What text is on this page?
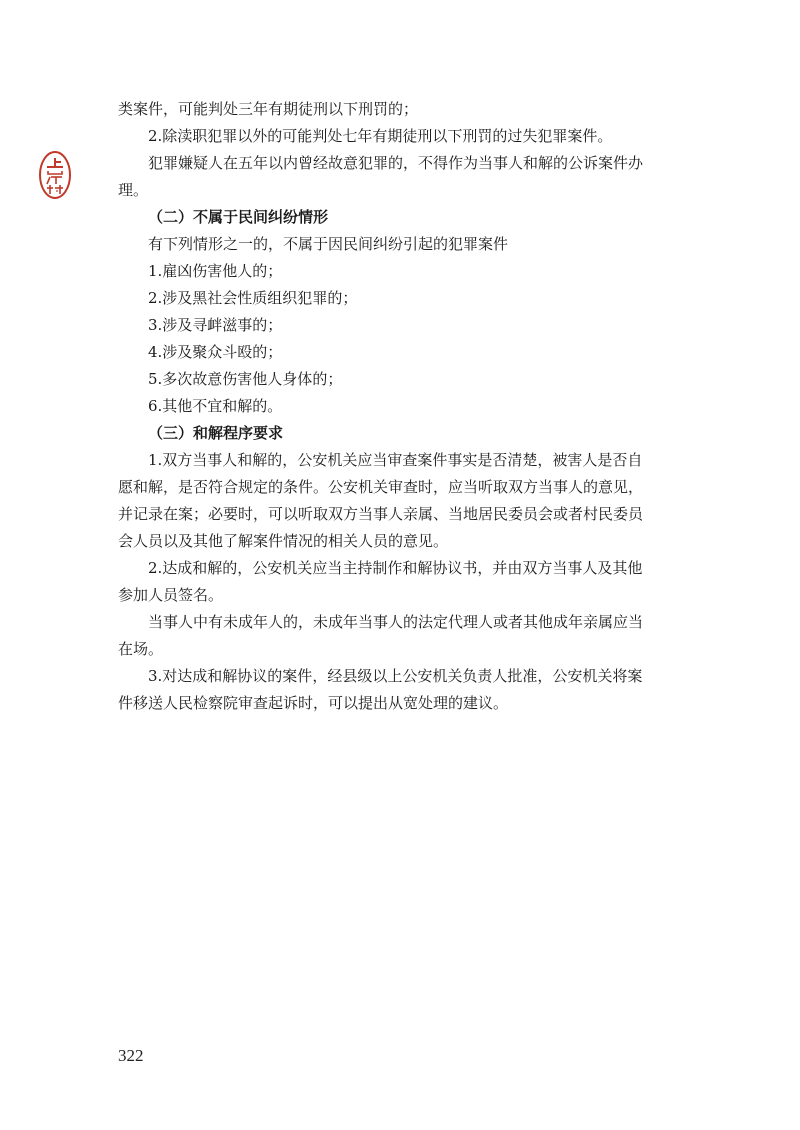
类案件，可能判处三年有期徒刑以下刑罚的；
2.除渎职犯罪以外的可能判处七年有期徒刑以下刑罚的过失犯罪案件。
犯罪嫌疑人在五年以内曾经故意犯罪的，不得作为当事人和解的公诉案件办
理。
（二）不属于民间纠纷情形
有下列情形之一的，不属于因民间纠纷引起的犯罪案件
1.雇凶伤害他人的；
2.涉及黑社会性质组织犯罪的；
3.涉及寻衅滋事的；
4.涉及聚众斗殴的；
5.多次故意伤害他人身体的；
6.其他不宜和解的。
（三）和解程序要求
1.双方当事人和解的，公安机关应当审查案件事实是否清楚，被害人是否自
愿和解，是否符合规定的条件。公安机关审查时，应当听取双方当事人的意见，
并记录在案；必要时，可以听取双方当事人亲属、当地居民委员会或者村民委员
会人员以及其他了解案件情况的相关人员的意见。
2.达成和解的，公安机关应当主持制作和解协议书，并由双方当事人及其他
参加人员签名。
当事人中有未成年人的，未成年当事人的法定代理人或者其他成年亲属应当
在场。
3.对达成和解协议的案件，经县级以上公安机关负责人批准，公安机关将案
件移送人民检察院审查起诉时，可以提出从宽处理的建议。
322
